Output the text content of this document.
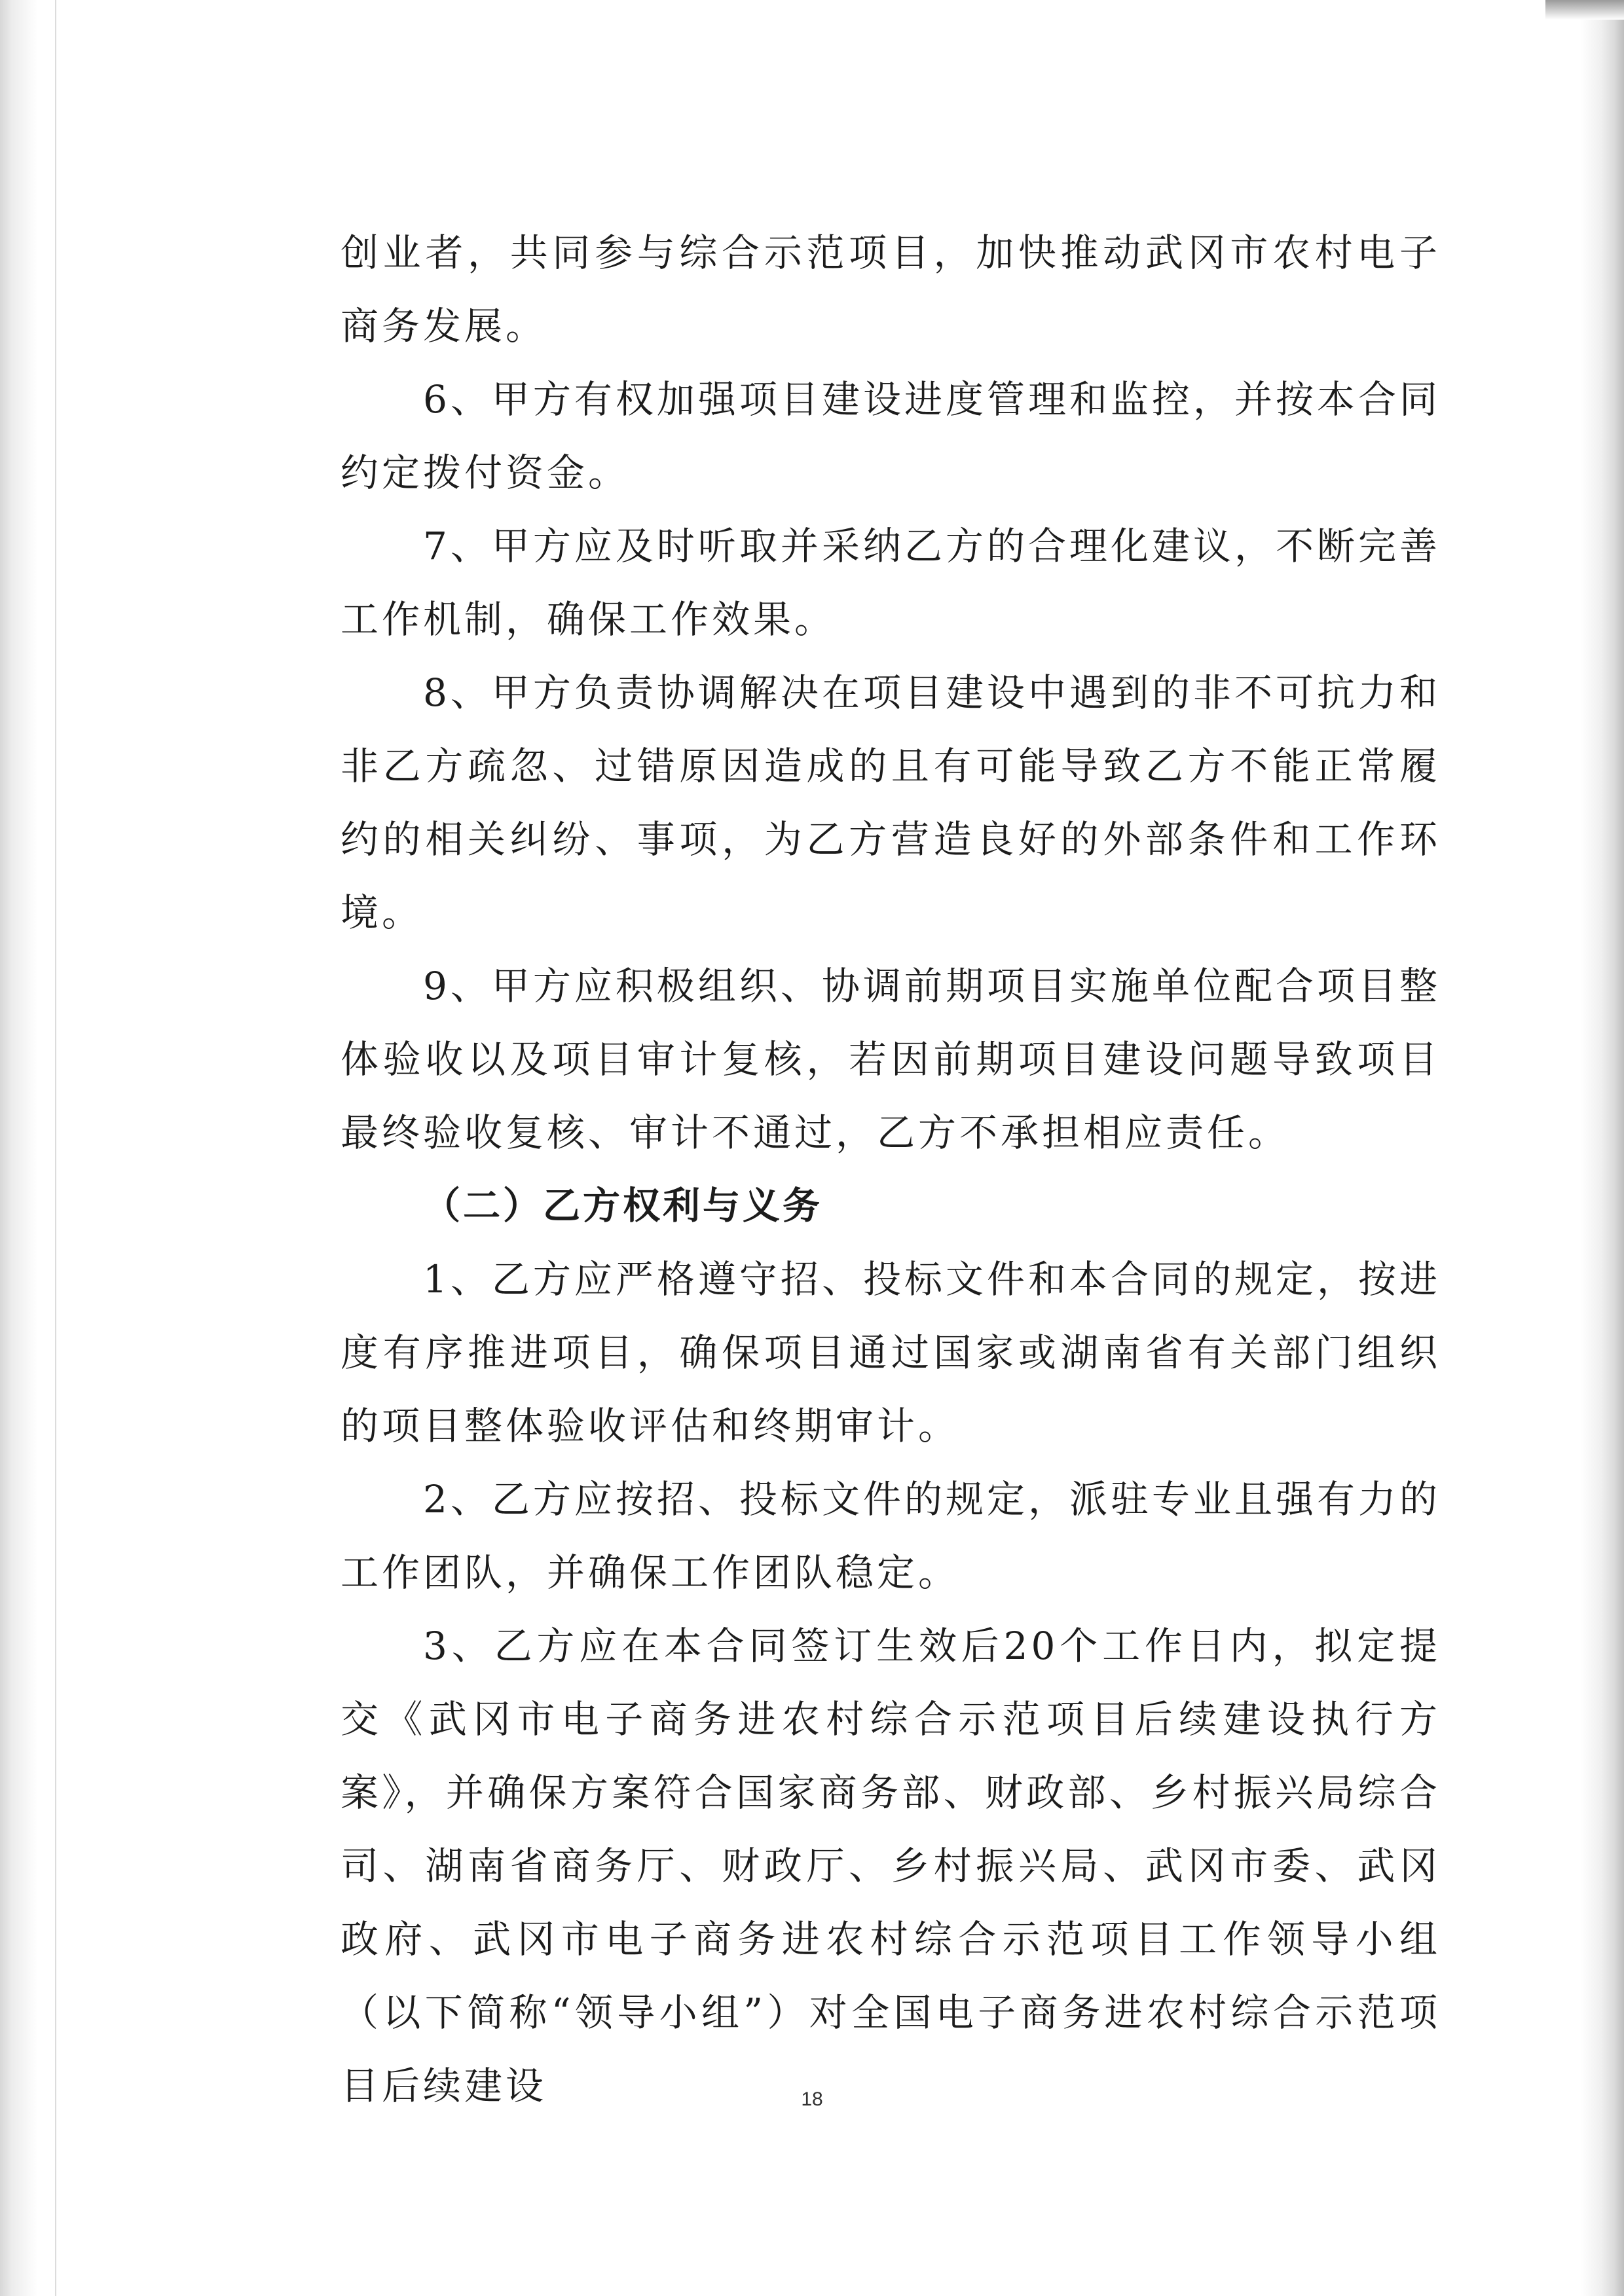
创业者，共同参与综合示范项目，加快推动武冈市农村电子商务发展。

6、甲方有权加强项目建设进度管理和监控，并按本合同约定拨付资金。

7、甲方应及时听取并采纳乙方的合理化建议，不断完善工作机制，确保工作效果。

8、甲方负责协调解决在项目建设中遇到的非不可抗力和非乙方疏忽、过错原因造成的且有可能导致乙方不能正常履约的相关纠纷、事项，为乙方营造良好的外部条件和工作环境。

9、甲方应积极组织、协调前期项目实施单位配合项目整体验收以及项目审计复核，若因前期项目建设问题导致项目最终验收复核、审计不通过，乙方不承担相应责任。

（二）乙方权利与义务

1、乙方应严格遵守招、投标文件和本合同的规定，按进度有序推进项目，确保项目通过国家或湖南省有关部门组织的项目整体验收评估和终期审计。

2、乙方应按招、投标文件的规定，派驻专业且强有力的工作团队，并确保工作团队稳定。

3、乙方应在本合同签订生效后20个工作日内，拟定提交《武冈市电子商务进农村综合示范项目后续建设执行方案》，并确保方案符合国家商务部、财政部、乡村振兴局综合司、湖南省商务厅、财政厅、乡村振兴局、武冈市委、武冈政府、武冈市电子商务进农村综合示范项目工作领导小组（以下简称“领导小组”）对全国电子商务进农村综合示范项目后续建设	18
